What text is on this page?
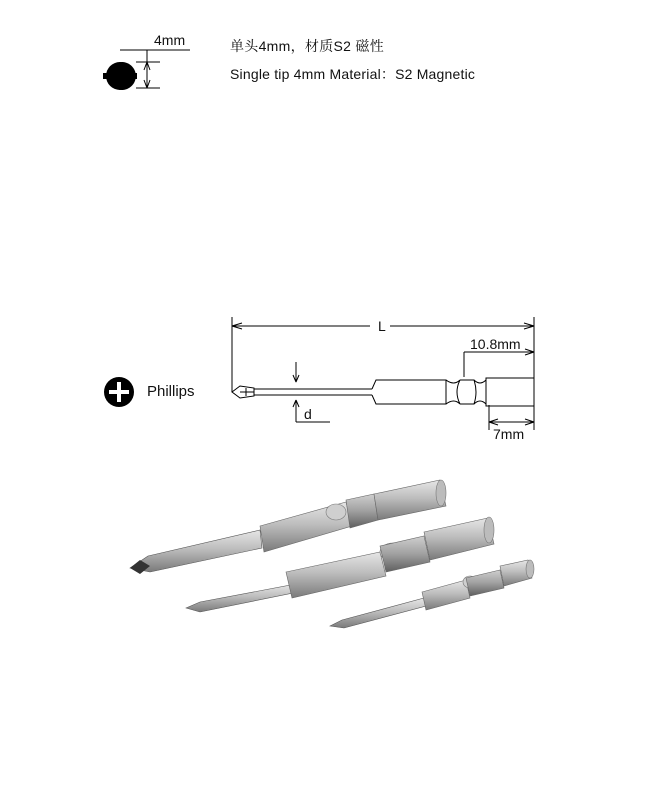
4mm	单头4mm，材质S2 磁性
Single tip 4mm Material：S2 Magnetic
Phillips
L
10.8mm
d
7mm
